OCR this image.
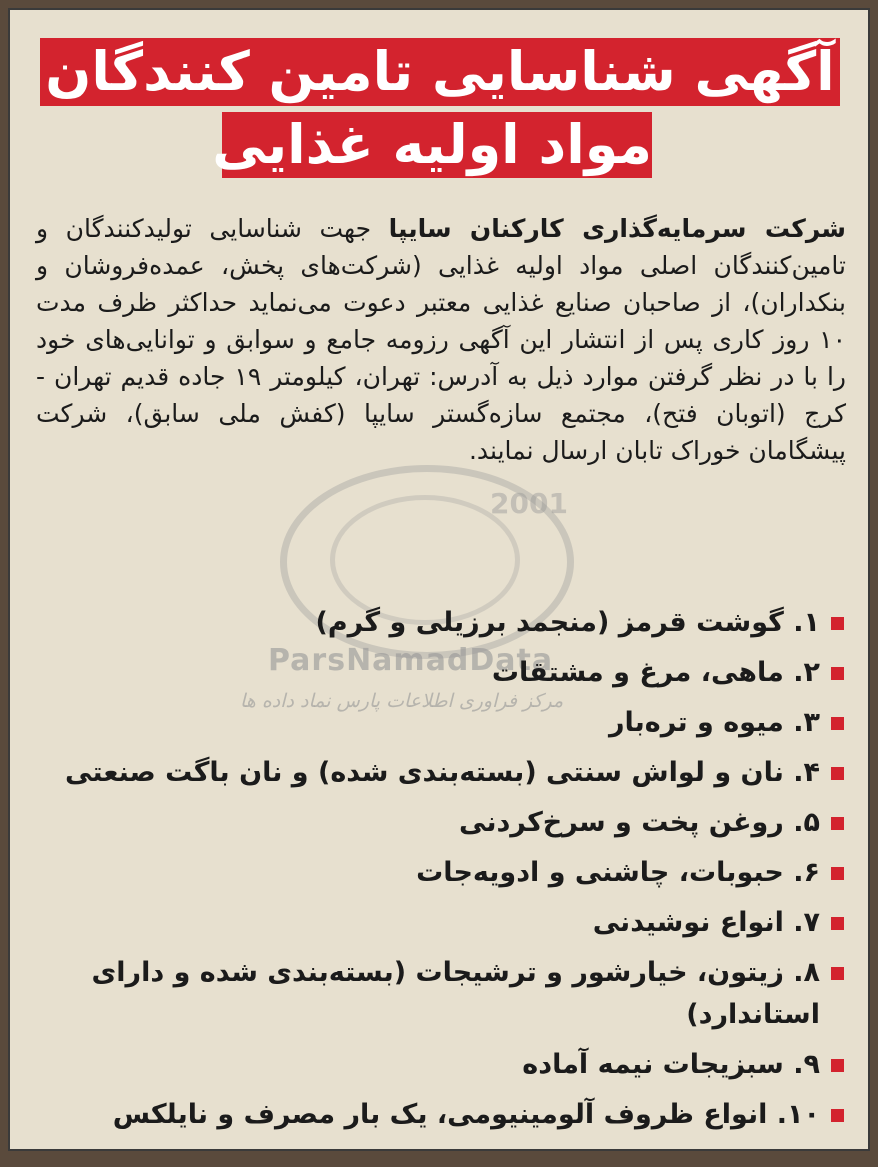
2001
ParsNamadData
مرکز فراوری اطلاعات پارس نماد داده ها
آگهی شناسایی تامین کنندگان
مواد اولیه غذایی

شرکت سرمایه‌گذاری کارکنان سایپا جهت شناسایی تولیدکنندگان و تامین‌کنندگان اصلی مواد اولیه غذایی (شرکت‌های پخش، عمده‌فروشان و بنکداران)، از صاحبان صنایع غذایی معتبر دعوت می‌نماید حداکثر ظرف مدت ۱۰ روز کاری پس از انتشار این آگهی رزومه جامع و سوابق و توانایی‌های خود را با در نظر گرفتن موارد ذیل به آدرس: تهران، کیلومتر ۱۹ جاده قدیم تهران - کرج (اتوبان فتح)، مجتمع سازه‌گستر سایپا (کفش ملی سابق)، شرکت پیشگامان خوراک تابان ارسال نمایند.

۱. گوشت قرمز (منجمد برزیلی و گرم)
۲. ماهی، مرغ و مشتقات
۳. میوه و تره‌بار
۴. نان و لواش سنتی (بسته‌بندی شده) و نان باگت صنعتی
۵. روغن پخت و سرخ‌کردنی
۶. حبوبات، چاشنی و ادویه‌جات
۷. انواع نوشیدنی
۸. زیتون، خیارشور و ترشیجات (بسته‌بندی شده و دارای استاندارد)
۹. سبزیجات نیمه آماده
۱۰. انواع ظروف آلومینیومی، یک بار مصرف و نایلکس
